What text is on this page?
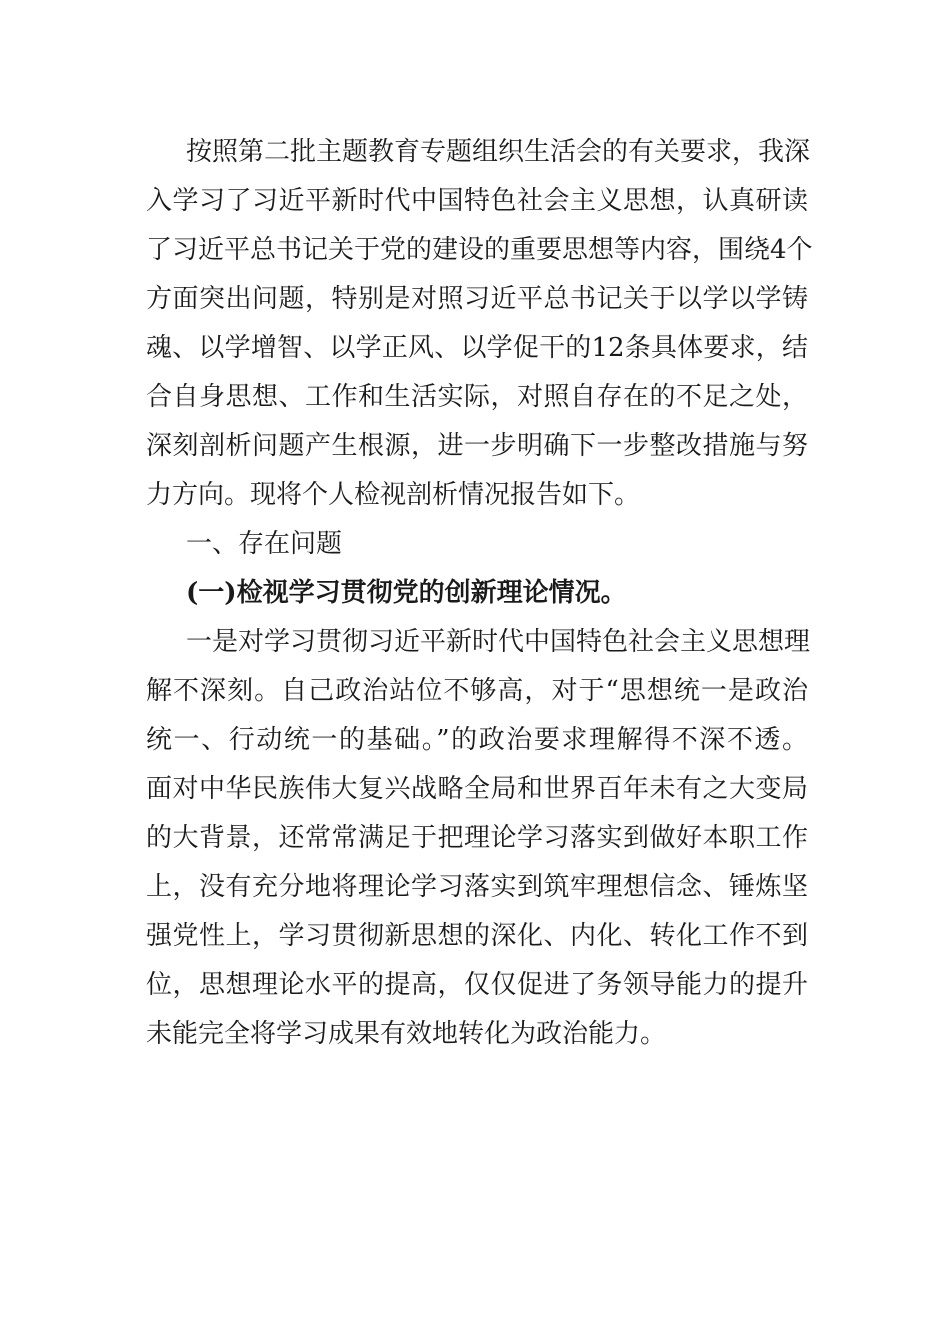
按照第二批主题教育专题组织生活会的有关要求，我深
入学习了习近平新时代中国特色社会主义思想，认真研读
了习近平总书记关于党的建设的重要思想等内容，围绕4个
方面突出问题，特别是对照习近平总书记关于以学以学铸
魂、以学增智、以学正风、以学促干的12条具体要求，结
合自身思想、工作和生活实际，对照自存在的不足之处，
深刻剖析问题产生根源，进一步明确下一步整改措施与努
力方向。现将个人检视剖析情况报告如下。
一、存在问题
(一)检视学习贯彻党的创新理论情况。
一是对学习贯彻习近平新时代中国特色社会主义思想理
解不深刻。自己政治站位不够高，对于“思想统一是政治
统一、行动统一的基础。”的政治要求理解得不深不透。
面对中华民族伟大复兴战略全局和世界百年未有之大变局
的大背景，还常常满足于把理论学习落实到做好本职工作
上，没有充分地将理论学习落实到筑牢理想信念、锤炼坚
强党性上，学习贯彻新思想的深化、内化、转化工作不到
位，思想理论水平的提高，仅仅促进了务领导能力的提升
未能完全将学习成果有效地转化为政治能力。
